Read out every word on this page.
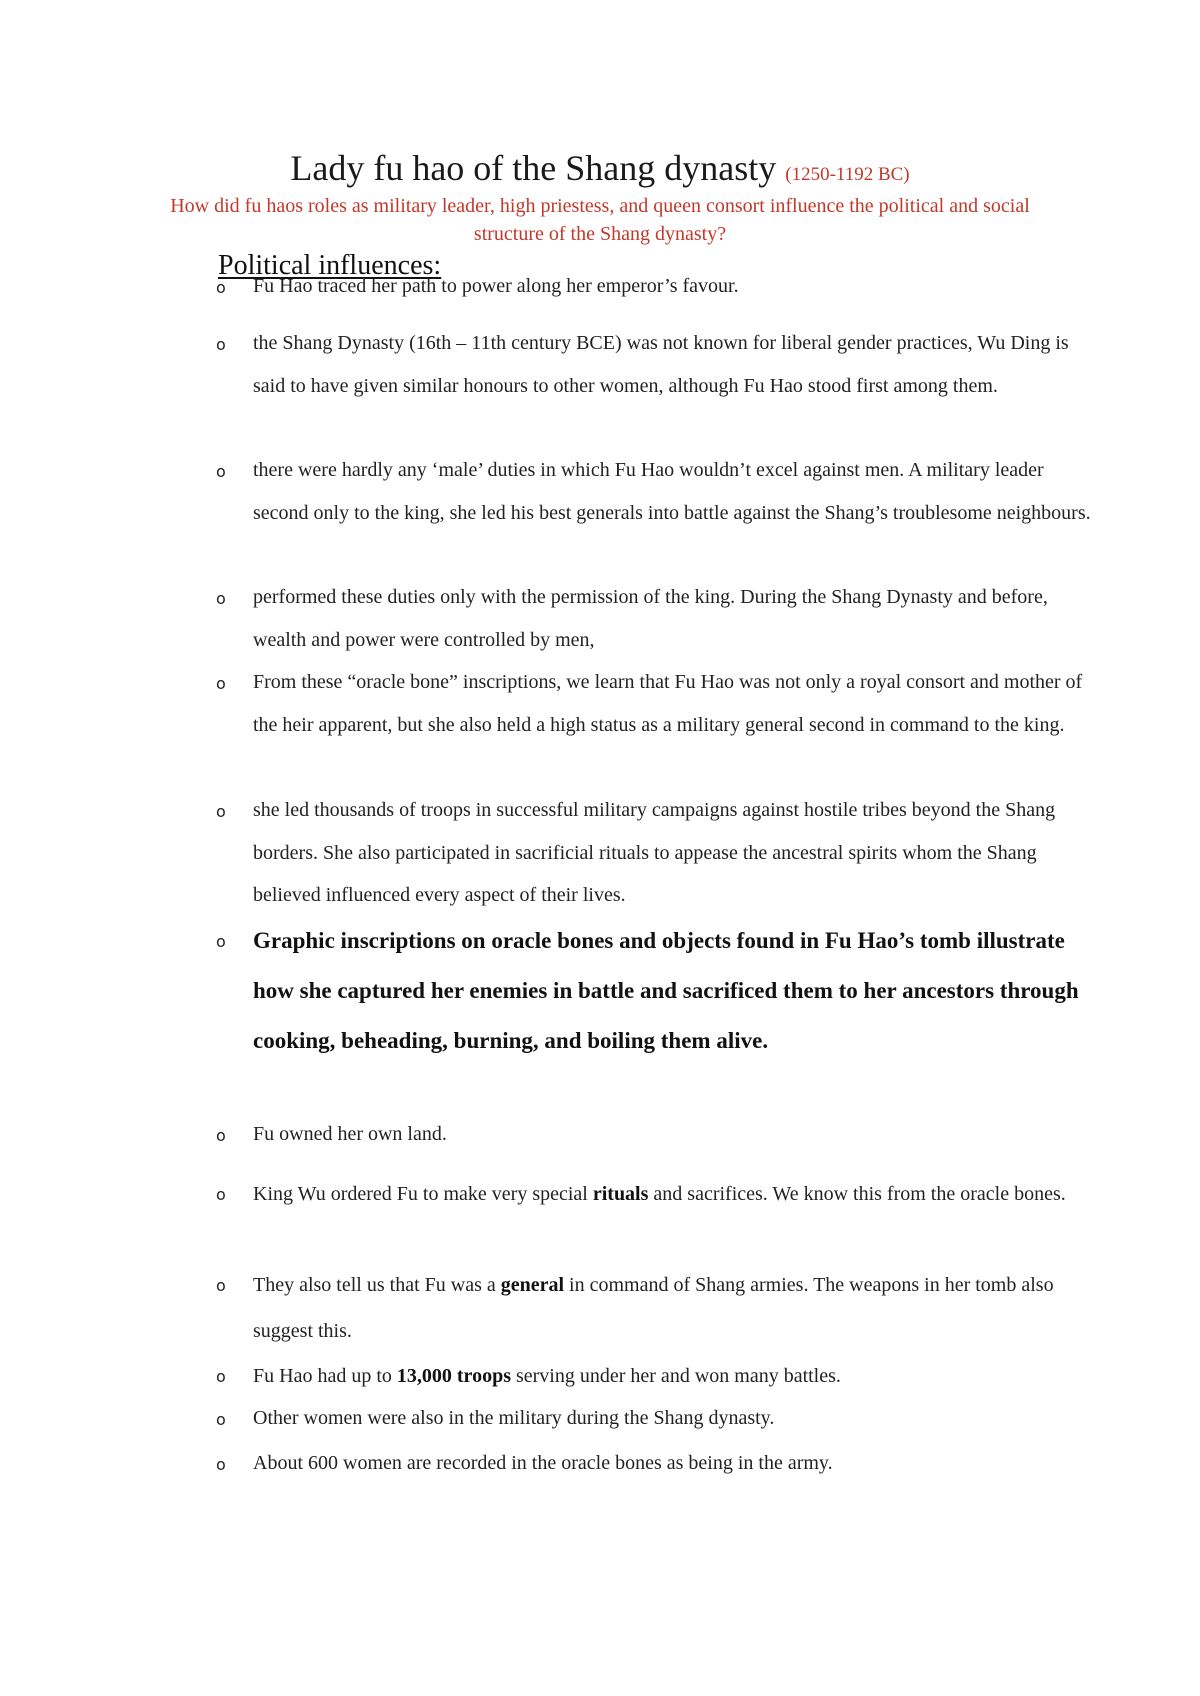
Lady fu hao of the Shang dynasty (1250-1192 BC)
How did fu haos roles as military leader, high priestess, and queen consort influence the political and social structure of the Shang dynasty?
Political influences:
o Fu Hao traced her path to power along her emperor’s favour.
o the Shang Dynasty (16th – 11th century BCE) was not known for liberal gender practices, Wu Ding is said to have given similar honours to other women, although Fu Hao stood first among them.
o there were hardly any ‘male’ duties in which Fu Hao wouldn’t excel against men. A military leader second only to the king, she led his best generals into battle against the Shang’s troublesome neighbours.
o performed these duties only with the permission of the king. During the Shang Dynasty and before, wealth and power were controlled by men,
o From these “oracle bone” inscriptions, we learn that Fu Hao was not only a royal consort and mother of the heir apparent, but she also held a high status as a military general second in command to the king.
o she led thousands of troops in successful military campaigns against hostile tribes beyond the Shang borders. She also participated in sacrificial rituals to appease the ancestral spirits whom the Shang believed influenced every aspect of their lives.
o Graphic inscriptions on oracle bones and objects found in Fu Hao’s tomb illustrate how she captured her enemies in battle and sacrificed them to her ancestors through cooking, beheading, burning, and boiling them alive.
o Fu owned her own land.
o King Wu ordered Fu to make very special rituals and sacrifices. We know this from the oracle bones.
o They also tell us that Fu was a general in command of Shang armies. The weapons in her tomb also suggest this.
o Fu Hao had up to 13,000 troops serving under her and won many battles.
o Other women were also in the military during the Shang dynasty.
o About 600 women are recorded in the oracle bones as being in the army.
